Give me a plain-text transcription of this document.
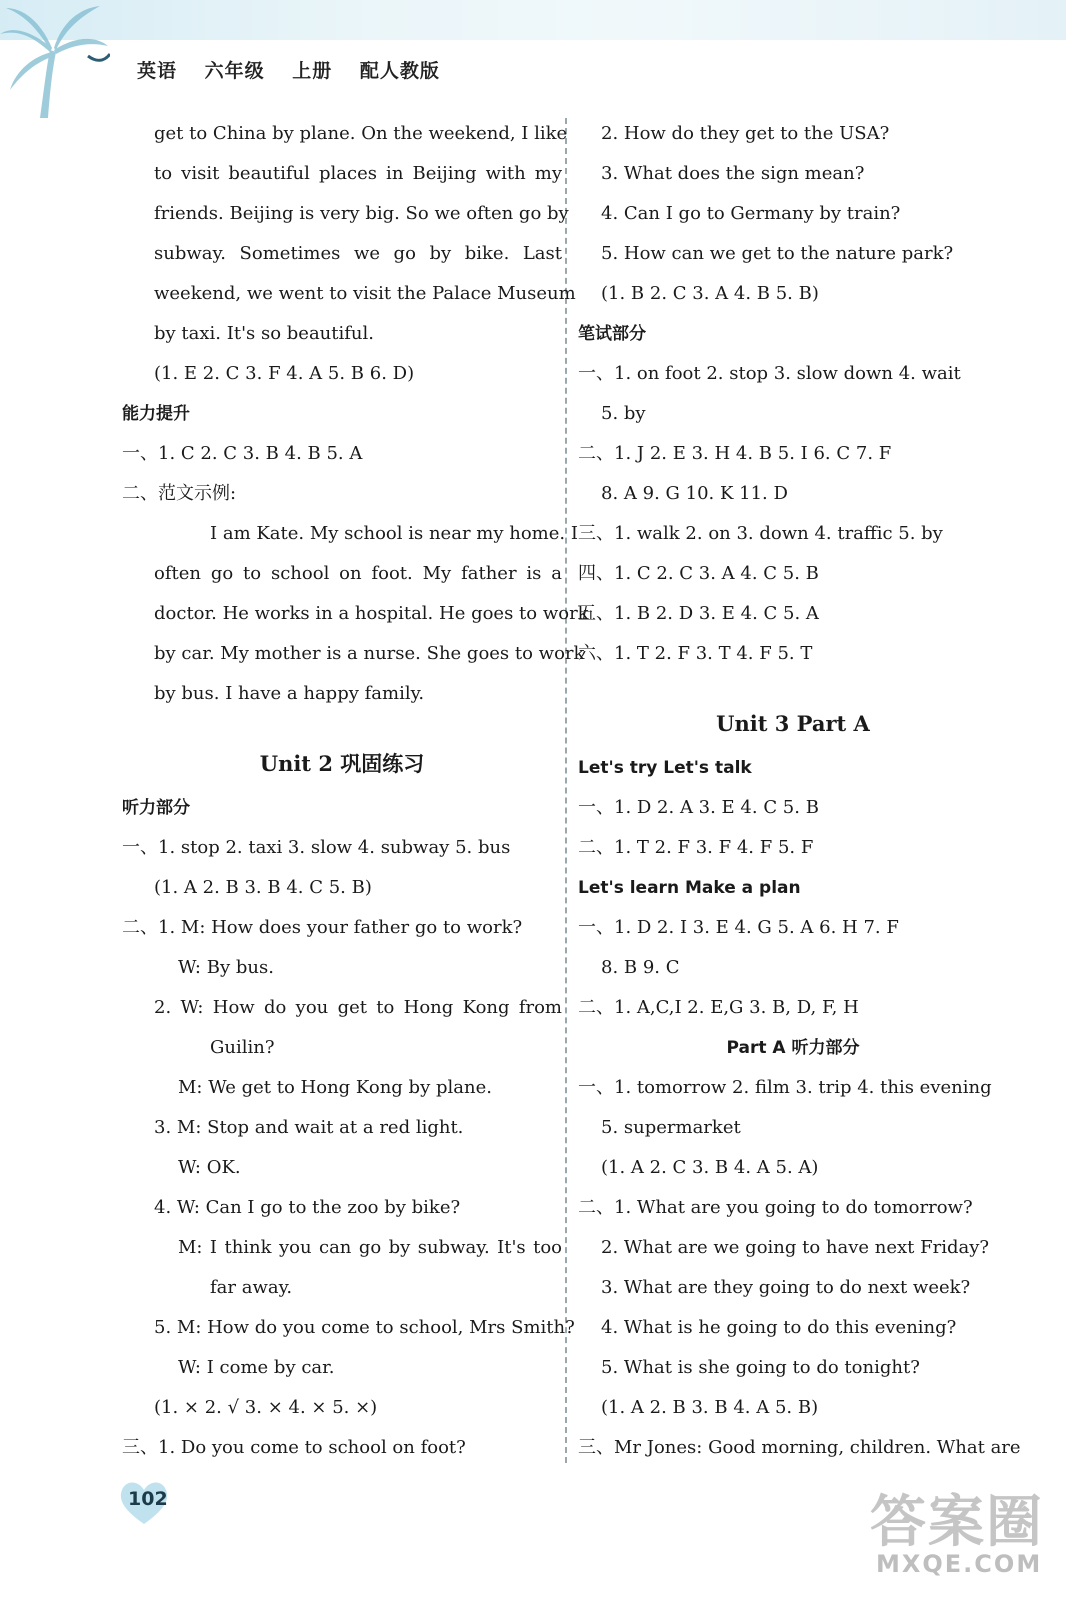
英语 六年级 上册 配人教版
get to China by plane. On the weekend, I like
to visit beautiful places in Beijing with my
friends. Beijing is very big. So we often go by
subway. Sometimes we go by bike. Last
weekend, we went to visit the Palace Museum
by taxi. It's so beautiful.
(1. E 2. C 3. F 4. A 5. B 6. D)
能力提升
一、1. C 2. C 3. B 4. B 5. A
二、范文示例:
I am Kate. My school is near my home. I
often go to school on foot. My father is a
doctor. He works in a hospital. He goes to work
by car. My mother is a nurse. She goes to work
by bus. I have a happy family.
Unit 2 巩固练习
听力部分
一、1. stop 2. taxi 3. slow 4. subway 5. bus
(1. A 2. B 3. B 4. C 5. B)
二、1. M: How does your father go to work?
W: By bus.
2. W: How do you get to Hong Kong from
Guilin?
M: We get to Hong Kong by plane.
3. M: Stop and wait at a red light.
W: OK.
4. W: Can I go to the zoo by bike?
M: I think you can go by subway. It's too
far away.
5. M: How do you come to school, Mrs Smith?
W: I come by car.
(1. × 2. √ 3. × 4. × 5. ×)
三、1. Do you come to school on foot?
2. How do they get to the USA?
3. What does the sign mean?
4. Can I go to Germany by train?
5. How can we get to the nature park?
(1. B 2. C 3. A 4. B 5. B)
笔试部分
一、1. on foot 2. stop 3. slow down 4. wait
5. by
二、1. J 2. E 3. H 4. B 5. I 6. C 7. F
8. A 9. G 10. K 11. D
三、1. walk 2. on 3. down 4. traffic 5. by
四、1. C 2. C 3. A 4. C 5. B
五、1. B 2. D 3. E 4. C 5. A
六、1. T 2. F 3. T 4. F 5. T
Unit 3 Part A
Let's try Let's talk
一、1. D 2. A 3. E 4. C 5. B
二、1. T 2. F 3. F 4. F 5. F
Let's learn Make a plan
一、1. D 2. I 3. E 4. G 5. A 6. H 7. F
8. B 9. C
二、1. A,C,I 2. E,G 3. B, D, F, H
Part A 听力部分
一、1. tomorrow 2. film 3. trip 4. this evening
5. supermarket
(1. A 2. C 3. B 4. A 5. A)
二、1. What are you going to do tomorrow?
2. What are we going to have next Friday?
3. What are they going to do next week?
4. What is he going to do this evening?
5. What is she going to do tonight?
(1. A 2. B 3. B 4. A 5. B)
三、Mr Jones: Good morning, children. What are
102	答案圈
MXQE.COM
